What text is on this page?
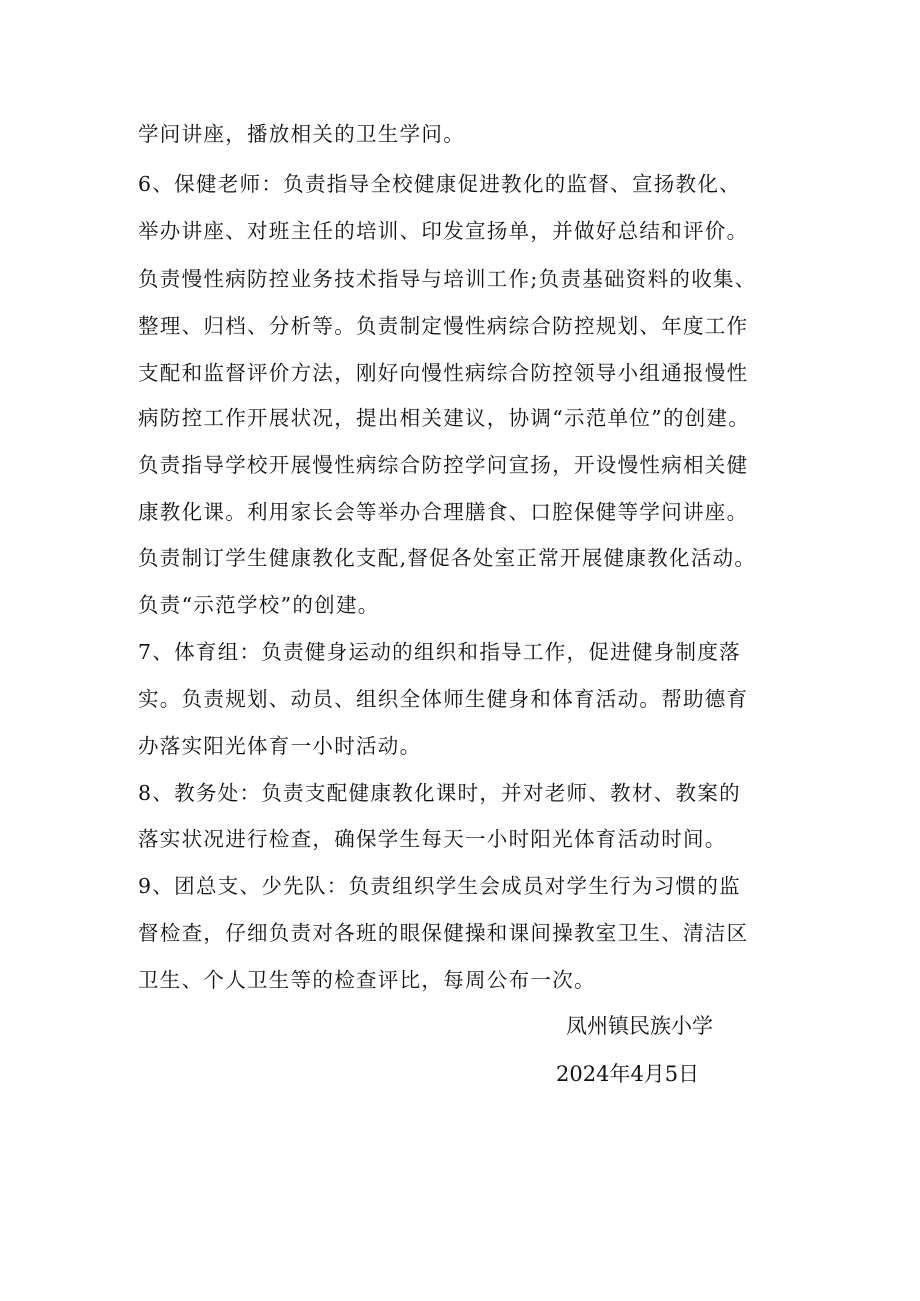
学问讲座，播放相关的卫生学问。
6、保健老师：负责指导全校健康促进教化的监督、宣扬教化、
举办讲座、对班主任的培训、印发宣扬单，并做好总结和评价。
负责慢性病防控业务技术指导与培训工作;负责基础资料的收集、
整理、归档、分析等。负责制定慢性病综合防控规划、年度工作
支配和监督评价方法，刚好向慢性病综合防控领导小组通报慢性
病防控工作开展状况，提出相关建议，协调“示范单位”的创建。
负责指导学校开展慢性病综合防控学问宣扬，开设慢性病相关健
康教化课。利用家长会等举办合理膳食、口腔保健等学问讲座。
负责制订学生健康教化支配,督促各处室正常开展健康教化活动。
负责“示范学校”的创建。
7、体育组：负责健身运动的组织和指导工作，促进健身制度落
实。负责规划、动员、组织全体师生健身和体育活动。帮助德育
办落实阳光体育一小时活动。
8、教务处：负责支配健康教化课时，并对老师、教材、教案的
落实状况进行检查，确保学生每天一小时阳光体育活动时间。
9、团总支、少先队：负责组织学生会成员对学生行为习惯的监
督检查，仔细负责对各班的眼保健操和课间操教室卫生、清洁区
卫生、个人卫生等的检查评比，每周公布一次。
凤州镇民族小学
2024年4月5日
